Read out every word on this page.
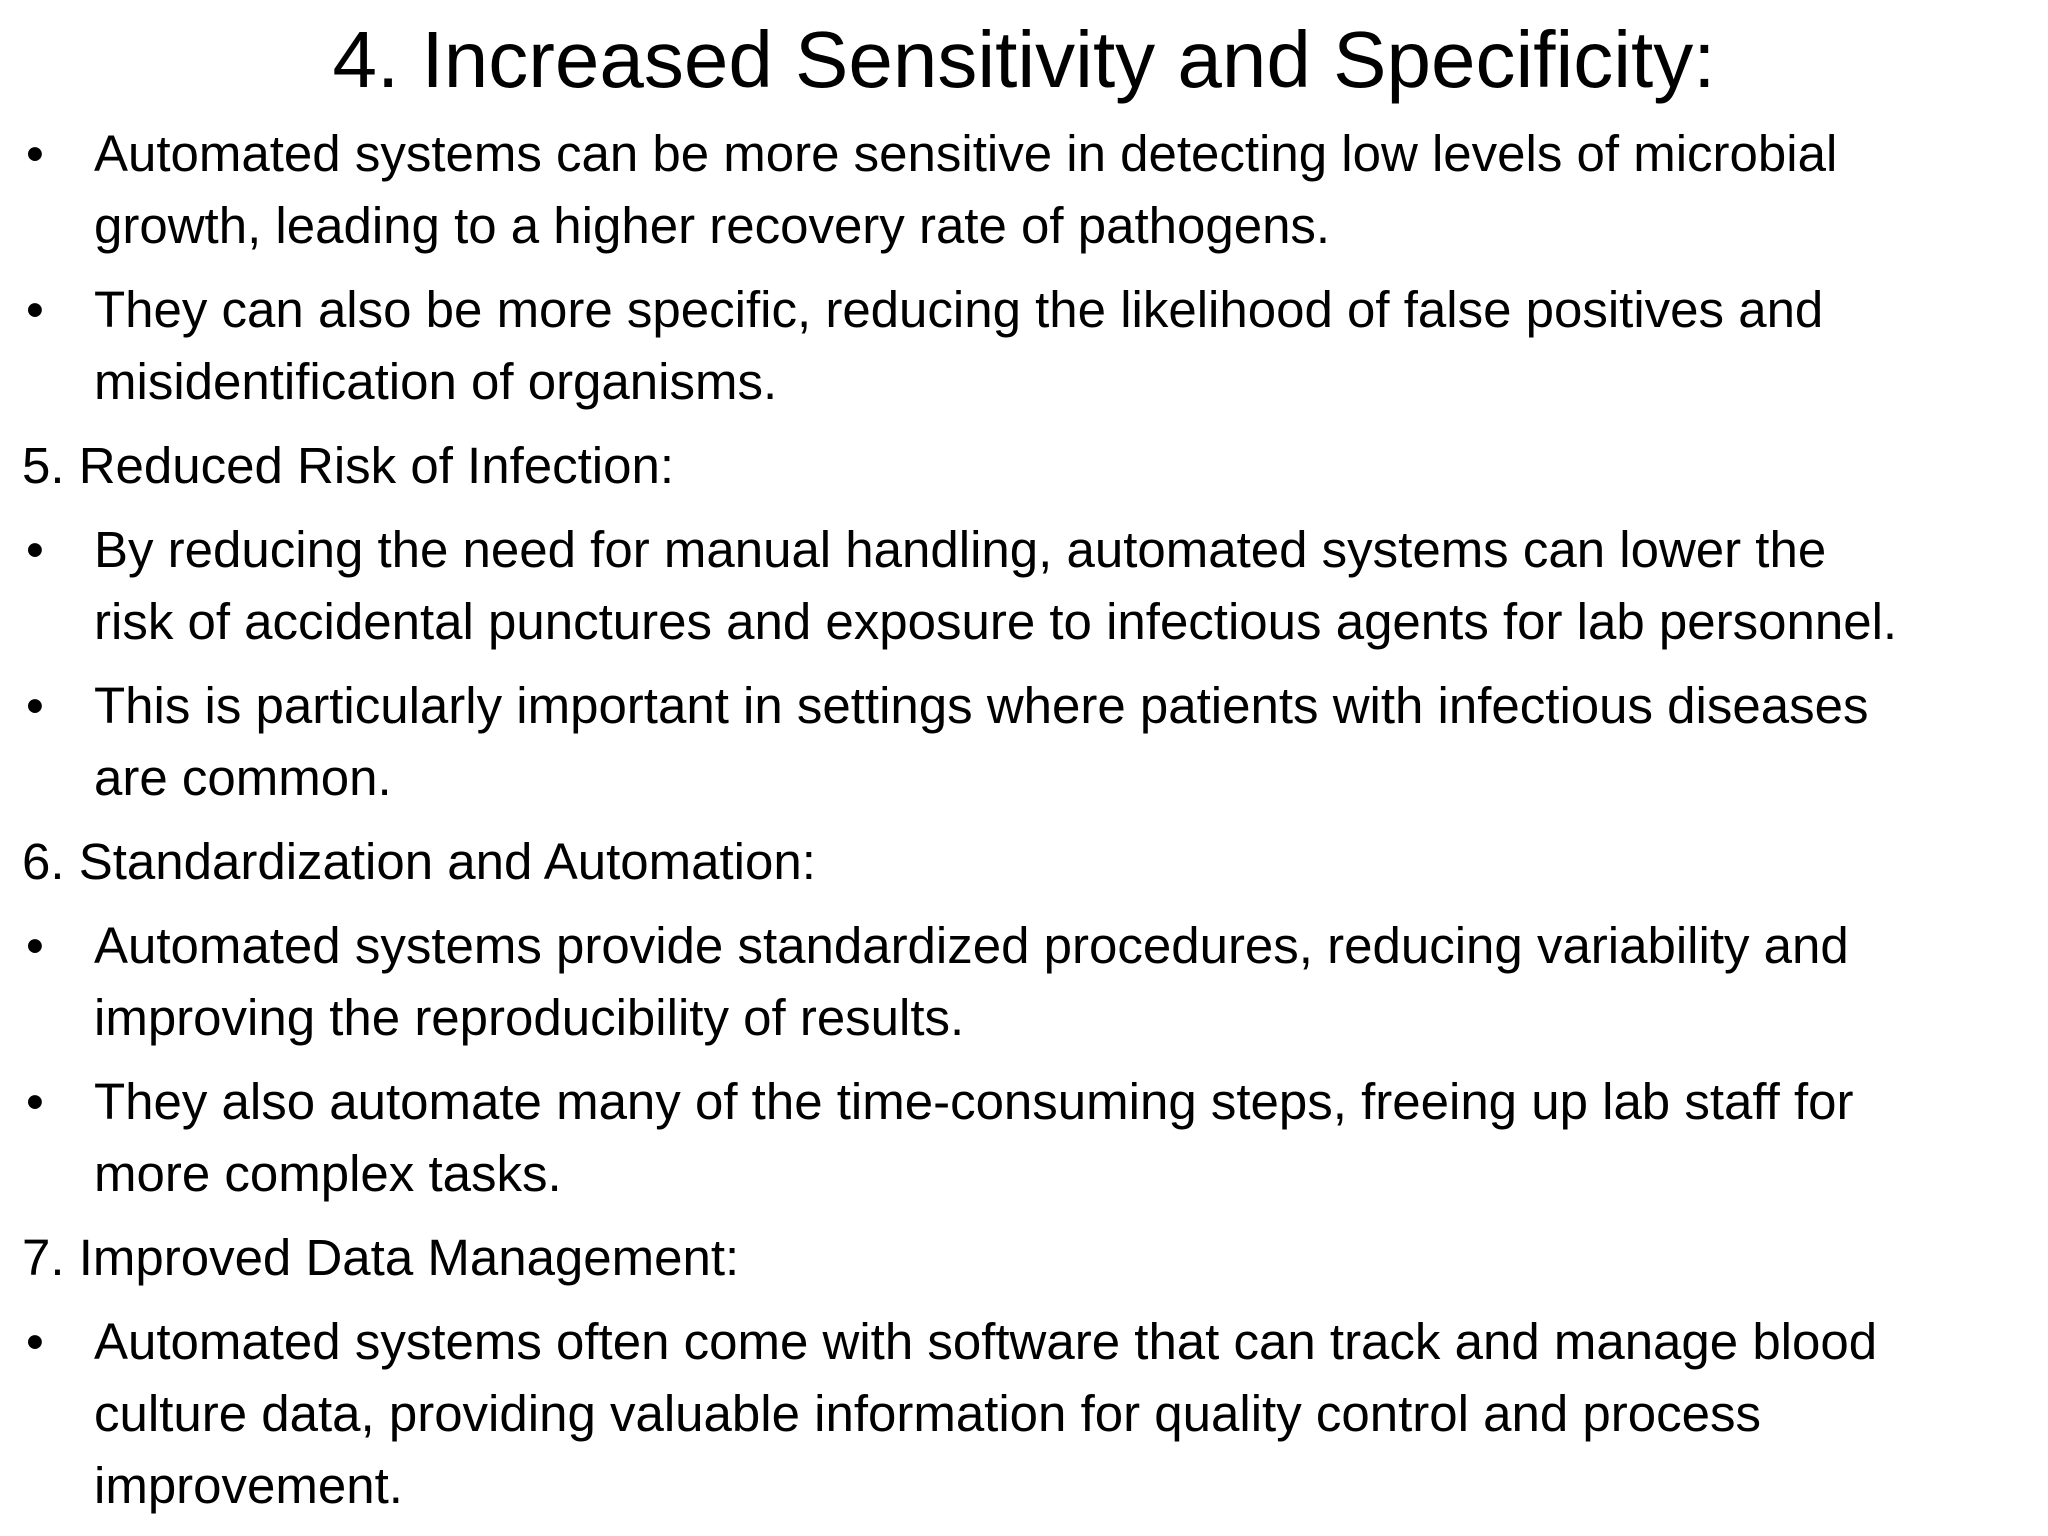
4. Increased Sensitivity and Specificity:
• Automated systems can be more sensitive in detecting low levels of microbial
growth, leading to a higher recovery rate of pathogens.
• They can also be more specific, reducing the likelihood of false positives and
misidentification of organisms.
5. Reduced Risk of Infection:
• By reducing the need for manual handling, automated systems can lower the
risk of accidental punctures and exposure to infectious agents for lab personnel.
• This is particularly important in settings where patients with infectious diseases
are common.
6. Standardization and Automation:
• Automated systems provide standardized procedures, reducing variability and
improving the reproducibility of results.
• They also automate many of the time-consuming steps, freeing up lab staff for
more complex tasks.
7. Improved Data Management:
• Automated systems often come with software that can track and manage blood
culture data, providing valuable information for quality control and process
improvement.
